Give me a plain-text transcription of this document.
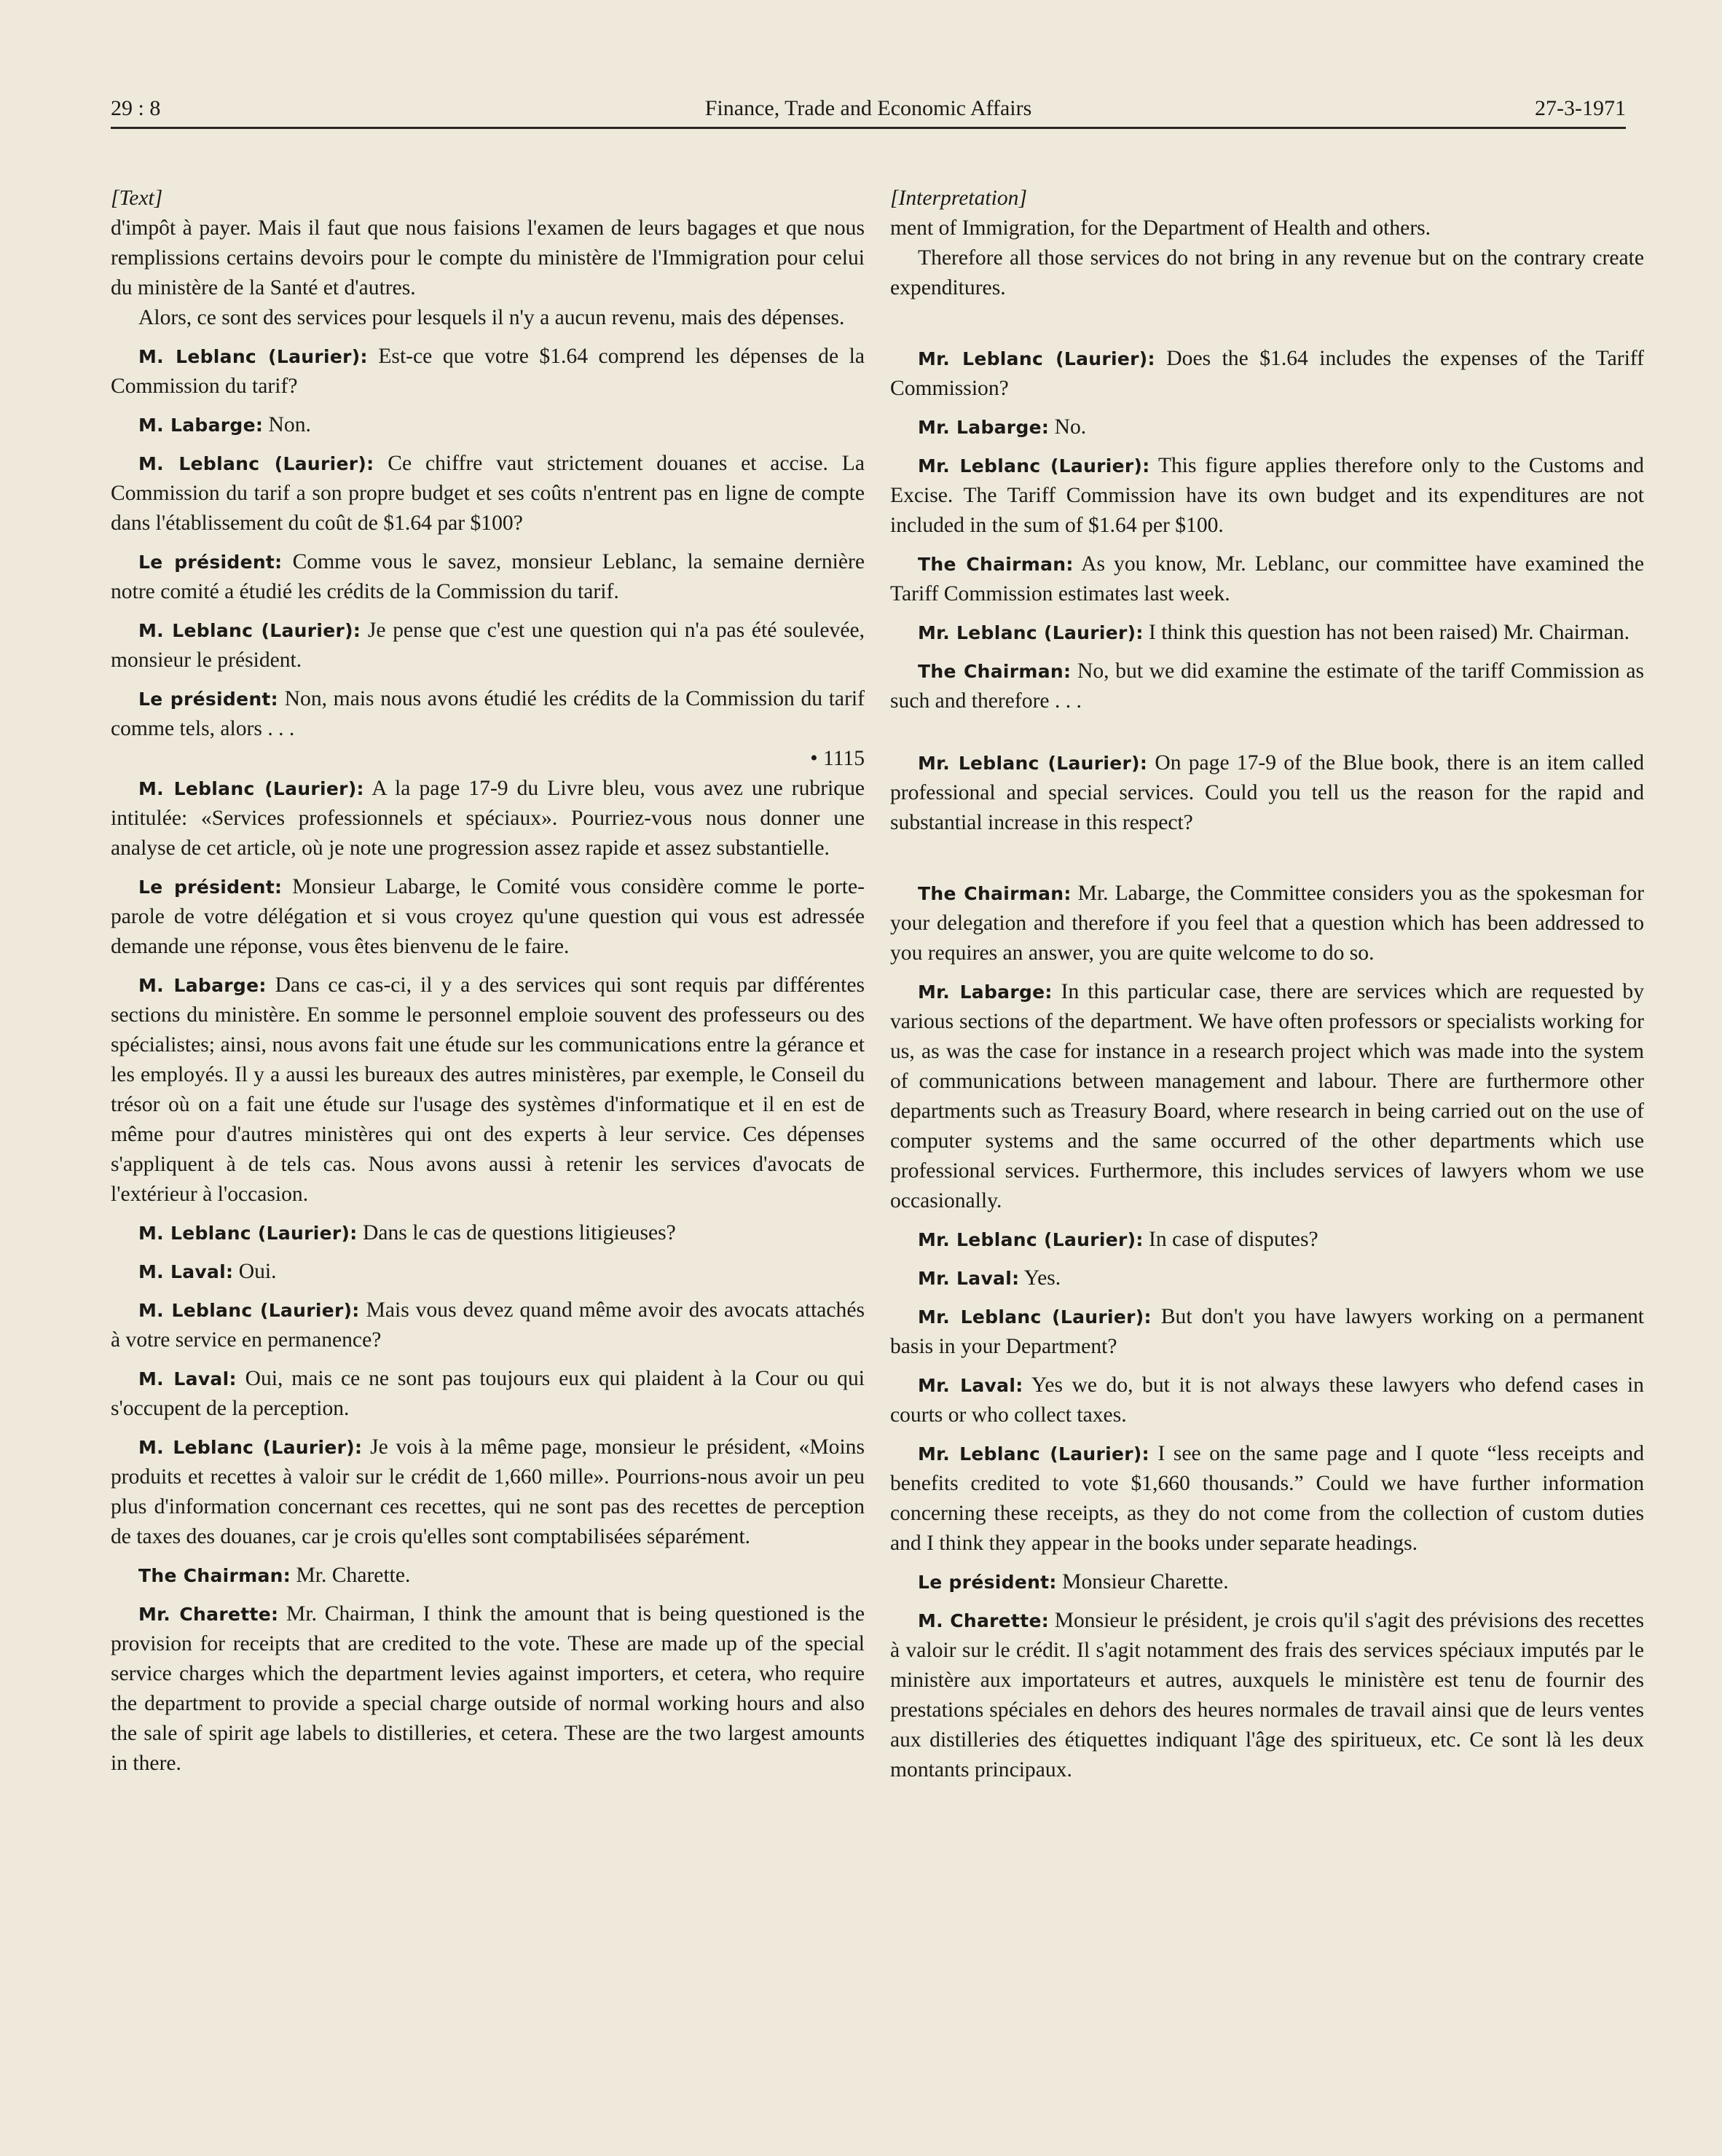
29 : 8	Finance, Trade and Economic Affairs	27-3-1971

[Text]

d'impôt à payer. Mais il faut que nous faisions l'examen de leurs bagages et que nous remplissions certains devoirs pour le compte du ministère de l'Immigration pour celui du ministère de la Santé et d'autres.

Alors, ce sont des services pour lesquels il n'y a aucun revenu, mais des dépenses.

M. Leblanc (Laurier): Est-ce que votre $1.64 comprend les dépenses de la Commission du tarif?

M. Labarge: Non.

M. Leblanc (Laurier): Ce chiffre vaut strictement douanes et accise. La Commission du tarif a son propre budget et ses coûts n'entrent pas en ligne de compte dans l'établissement du coût de $1.64 par $100?

Le président: Comme vous le savez, monsieur Leblanc, la semaine dernière notre comité a étudié les crédits de la Commission du tarif.

M. Leblanc (Laurier): Je pense que c'est une question qui n'a pas été soulevée, monsieur le président.

Le président: Non, mais nous avons étudié les crédits de la Commission du tarif comme tels, alors . . .

• 1115

M. Leblanc (Laurier): A la page 17-9 du Livre bleu, vous avez une rubrique intitulée: «Services professionnels et spéciaux». Pourriez-vous nous donner une analyse de cet article, où je note une progression assez rapide et assez substantielle.

Le président: Monsieur Labarge, le Comité vous considère comme le porte-parole de votre délégation et si vous croyez qu'une question qui vous est adressée demande une réponse, vous êtes bienvenu de le faire.

M. Labarge: Dans ce cas-ci, il y a des services qui sont requis par différentes sections du ministère. En somme le personnel emploie souvent des professeurs ou des spécialistes; ainsi, nous avons fait une étude sur les communications entre la gérance et les employés. Il y a aussi les bureaux des autres ministères, par exemple, le Conseil du trésor où on a fait une étude sur l'usage des systèmes d'informatique et il en est de même pour d'autres ministères qui ont des experts à leur service. Ces dépenses s'appliquent à de tels cas. Nous avons aussi à retenir les services d'avocats de l'extérieur à l'occasion.

M. Leblanc (Laurier): Dans le cas de questions litigieuses?

M. Laval: Oui.

M. Leblanc (Laurier): Mais vous devez quand même avoir des avocats attachés à votre service en permanence?

M. Laval: Oui, mais ce ne sont pas toujours eux qui plaident à la Cour ou qui s'occupent de la perception.

M. Leblanc (Laurier): Je vois à la même page, monsieur le président, «Moins produits et recettes à valoir sur le crédit de 1,660 mille». Pourrions-nous avoir un peu plus d'information concernant ces recettes, qui ne sont pas des recettes de perception de taxes des douanes, car je crois qu'elles sont comptabilisées séparément.

The Chairman: Mr. Charette.

Mr. Charette: Mr. Chairman, I think the amount that is being questioned is the provision for receipts that are credited to the vote. These are made up of the special service charges which the department levies against importers, et cetera, who require the department to provide a special charge outside of normal working hours and also the sale of spirit age labels to distilleries, et cetera. These are the two largest amounts in there.

[Interpretation]

ment of Immigration, for the Department of Health and others.

Therefore all those services do not bring in any revenue but on the contrary create expenditures.

Mr. Leblanc (Laurier): Does the $1.64 includes the expenses of the Tariff Commission?

Mr. Labarge: No.

Mr. Leblanc (Laurier): This figure applies therefore only to the Customs and Excise. The Tariff Commission have its own budget and its expenditures are not included in the sum of $1.64 per $100.

The Chairman: As you know, Mr. Leblanc, our committee have examined the Tariff Commission estimates last week.

Mr. Leblanc (Laurier): I think this question has not been raised) Mr. Chairman.

The Chairman: No, but we did examine the estimate of the tariff Commission as such and therefore . . .

Mr. Leblanc (Laurier): On page 17-9 of the Blue book, there is an item called professional and special services. Could you tell us the reason for the rapid and substantial increase in this respect?

The Chairman: Mr. Labarge, the Committee considers you as the spokesman for your delegation and therefore if you feel that a question which has been addressed to you requires an answer, you are quite welcome to do so.

Mr. Labarge: In this particular case, there are services which are requested by various sections of the department. We have often professors or specialists working for us, as was the case for instance in a research project which was made into the system of communications between management and labour. There are furthermore other departments such as Treasury Board, where research in being carried out on the use of computer systems and the same occurred of the other departments which use professional services. Furthermore, this includes services of lawyers whom we use occasionally.

Mr. Leblanc (Laurier): In case of disputes?

Mr. Laval: Yes.

Mr. Leblanc (Laurier): But don't you have lawyers working on a permanent basis in your Department?

Mr. Laval: Yes we do, but it is not always these lawyers who defend cases in courts or who collect taxes.

Mr. Leblanc (Laurier): I see on the same page and I quote “less receipts and benefits credited to vote $1,660 thousands.” Could we have further information concerning these receipts, as they do not come from the collection of custom duties and I think they appear in the books under separate headings.

Le président: Monsieur Charette.

M. Charette: Monsieur le président, je crois qu'il s'agit des prévisions des recettes à valoir sur le crédit. Il s'agit notamment des frais des services spéciaux imputés par le ministère aux importateurs et autres, auxquels le ministère est tenu de fournir des prestations spéciales en dehors des heures normales de travail ainsi que de leurs ventes aux distilleries des étiquettes indiquant l'âge des spiritueux, etc. Ce sont là les deux montants principaux.
